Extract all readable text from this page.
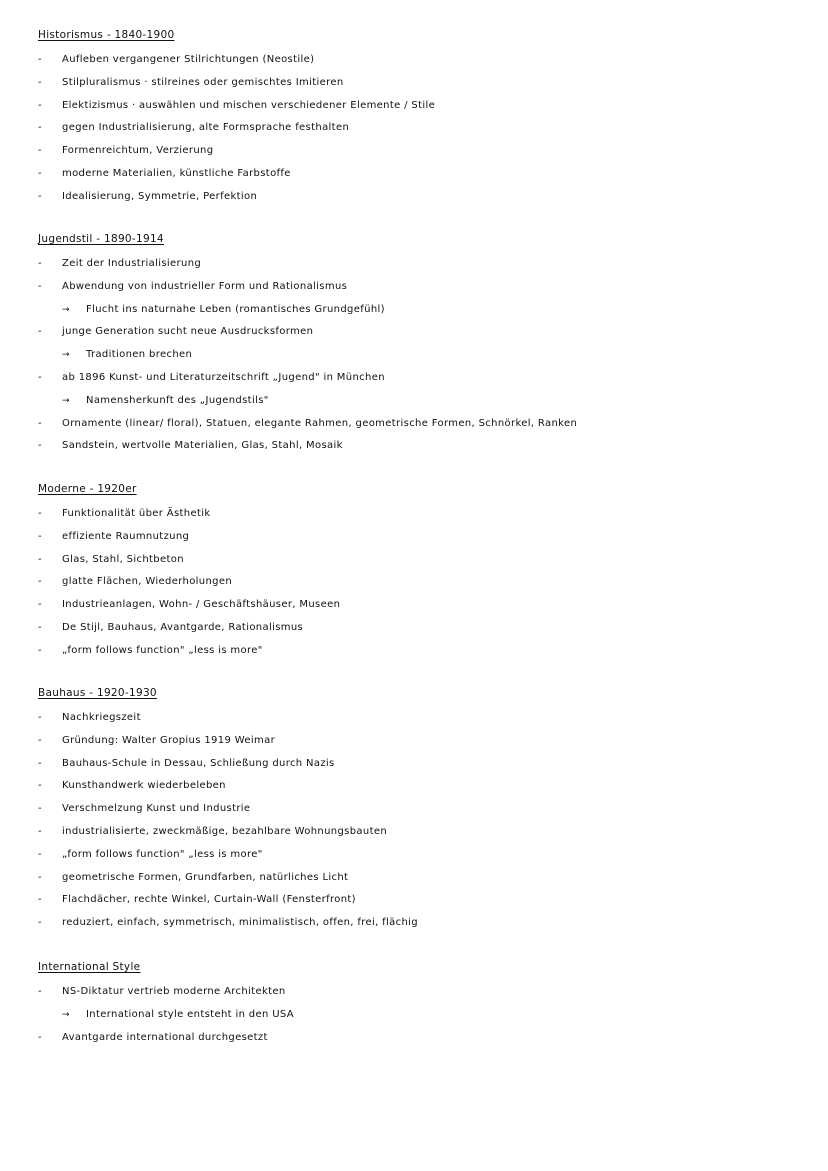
Historismus - 1840-1900
-	Aufleben vergangener Stilrichtungen (Neostile)
-	Stilpluralismus · stilreines oder gemischtes Imitieren
-	Elektizismus · auswählen und mischen verschiedener Elemente / Stile
-	gegen Industrialisierung, alte Formsprache festhalten
-	Formenreichtum, Verzierung
-	moderne Materialien, künstliche Farbstoffe
-	Idealisierung, Symmetrie, Perfektion
Jugendstil - 1890-1914
-	Zeit der Industrialisierung
-	Abwendung von industrieller Form und Rationalismus
→ Flucht ins naturnahe Leben (romantisches Grundgefühl)
-	junge Generation sucht neue Ausdrucksformen
→ Traditionen brechen
-	ab 1896 Kunst- und Literaturzeitschrift „Jugend" in München
→ Namensherkunft des „Jugendstils"
-	Ornamente (linear/ floral), Statuen, elegante Rahmen, geometrische Formen, Schnörkel, Ranken
-	Sandstein, wertvolle Materialien, Glas, Stahl, Mosaik
Moderne - 1920er
-	Funktionalität über Ästhetik
-	effiziente Raumnutzung
-	Glas, Stahl, Sichtbeton
-	glatte Flächen, Wiederholungen
-	Industrieanlagen, Wohn- / Geschäftshäuser, Museen
-	De Stijl, Bauhaus, Avantgarde, Rationalismus
-	„form follows function" „less is more"
Bauhaus - 1920-1930
-	Nachkriegszeit
-	Gründung: Walter Gropius 1919 Weimar
-	Bauhaus-Schule in Dessau, Schließung durch Nazis
-	Kunsthandwerk wiederbeleben
-	Verschmelzung Kunst und Industrie
-	industrialisierte, zweckmäßige, bezahlbare Wohnungsbauten
-	„form follows function" „less is more"
-	geometrische Formen, Grundfarben, natürliches Licht
-	Flachdächer, rechte Winkel, Curtain-Wall (Fensterfront)
-	reduziert, einfach, symmetrisch, minimalistisch, offen, frei, flächig
International Style
-	NS-Diktatur vertrieb moderne Architekten
→ International style entsteht in den USA
-	Avantgarde international durchgesetzt
